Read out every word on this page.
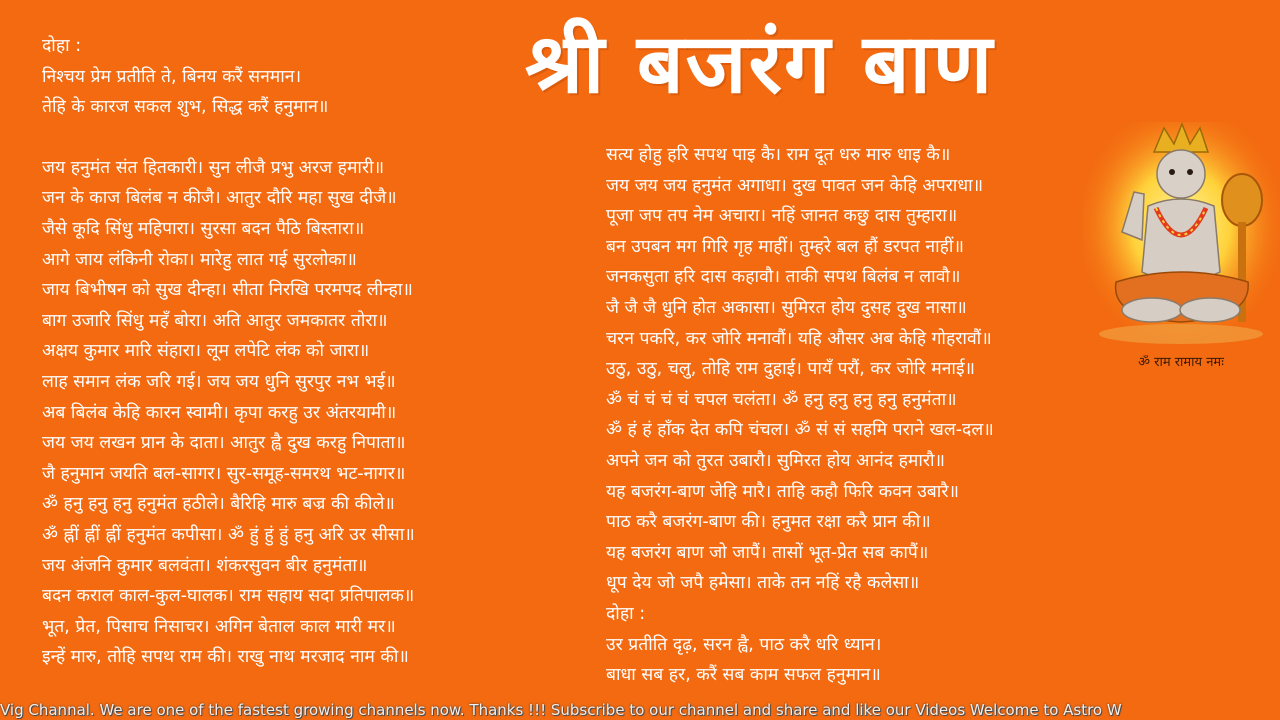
श्री बजरंग बाण
दोहा :
निश्चय प्रेम प्रतीति ते, बिनय करैं सनमान।
तेहि के कारज सकल शुभ, सिद्ध करैं हनुमान॥
जय हनुमंत संत हितकारी। सुन लीजै प्रभु अरज हमारी॥
जन के काज बिलंब न कीजै। आतुर दौरि महा सुख दीजै॥
जैसे कूदि सिंधु महिपारा। सुरसा बदन पैठि बिस्तारा॥
आगे जाय लंकिनी रोका। मारेहु लात गई सुरलोका॥
जाय बिभीषन को सुख दीन्हा। सीता निरखि परमपद लीन्हा॥
बाग उजारि सिंधु महँ बोरा। अति आतुर जमकातर तोरा॥
अक्षय कुमार मारि संहारा। लूम लपेटि लंक को जारा॥
लाह समान लंक जरि गई। जय जय धुनि सुरपुर नभ भई॥
अब बिलंब केहि कारन स्वामी। कृपा करहु उर अंतरयामी॥
जय जय लखन प्रान के दाता। आतुर ह्वै दुख करहु निपाता॥
जै हनुमान जयति बल-सागर। सुर-समूह-समरथ भट-नागर॥
ॐ हनु हनु हनु हनुमंत हठीले। बैरिहि मारु बज्र की कीले॥
ॐ ह्नीं ह्नीं ह्नीं हनुमंत कपीसा। ॐ हुं हुं हुं हनु अरि उर सीसा॥
जय अंजनि कुमार बलवंता। शंकरसुवन बीर हनुमंता॥
बदन कराल काल-कुल-घालक। राम सहाय सदा प्रतिपालक॥
भूत, प्रेत, पिसाच निसाचर। अगिन बेताल काल मारी मर॥
इन्हें मारु, तोहि सपथ राम की। राखु नाथ मरजाद नाम की॥
सत्य होहु हरि सपथ पाइ कै। राम दूत धरु मारु धाइ कै॥
जय जय जय हनुमंत अगाधा। दुख पावत जन केहि अपराधा॥
पूजा जप तप नेम अचारा। नहिं जानत कछु दास तुम्हारा॥
बन उपबन मग गिरि गृह माहीं। तुम्हरे बल हौं डरपत नाहीं॥
जनकसुता हरि दास कहावौ। ताकी सपथ बिलंब न लावौ॥
जै जै जै धुनि होत अकासा। सुमिरत होय दुसह दुख नासा॥
चरन पकरि, कर जोरि मनावौं। यहि औसर अब केहि गोहरावौं॥
उठु, उठु, चलु, तोहि राम दुहाई। पायँ परौं, कर जोरि मनाई॥
ॐ चं चं चं चं चपल चलंता। ॐ हनु हनु हनु हनु हनुमंता॥
ॐ हं हं हाँक देत कपि चंचल। ॐ सं सं सहमि पराने खल-दल॥
अपने जन को तुरत उबारौ। सुमिरत होय आनंद हमारौ॥
यह बजरंग-बाण जेहि मारै। ताहि कहौ फिरि कवन उबारै॥
पाठ करै बजरंग-बाण की। हनुमत रक्षा करै प्रान की॥
यह बजरंग बाण जो जापैं। तासों भूत-प्रेत सब कापैं॥
धूप देय जो जपै हमेसा। ताके तन नहिं रहै कलेसा॥
दोहा :
उर प्रतीति दृढ़, सरन ह्वै, पाठ करै धरि ध्यान।
बाधा सब हर, करैं सब काम सफल हनुमान॥
ॐ राम रामाय नमः
Vig Channal. We are one of the fastest growing channels now. Thanks !!! Subscribe to our channel and share and like our Videos Welcome to Astro W
